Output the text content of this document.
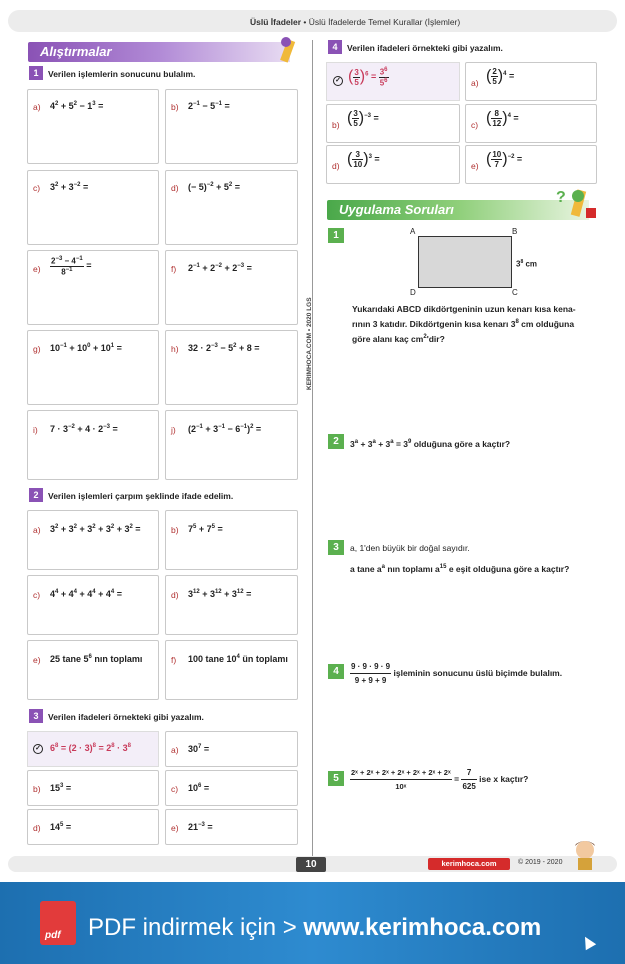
Üslü İfadeler • Üslü İfadelerde Temel Kurallar (İşlemler)
KERIMHOCA.COM • 2020 LGS
Alıştırmalar
1	Verilen işlemlerin sonucunu bulalım.
a) $4^2 + 5^2 - 1^3$ =	b) $2^{-1} - 5^{-1}$ =
c) $3^2 + 3^{-2}$ =	d) (− $5)^{-2} + 5^2$ =
$e) \frac{2^{-3} - 4^{-1}}{8^{-1}}$ =	f) $2^{-1} + 2^{-2} + 2^{-3}$ =
g) $10^{-1} + 10^0 + 10^1$ =	h) $32 \cdot 2^{-3} - 5^2 + 8$ =
i) $7 \cdot 3^{-2} + 4 \cdot 2^{-3}$ =	j) $(2^{-1} + 3^{-1} - 6^{-1})^2$ =
2	Verilen işlemleri çarpım şeklinde ifade edelim.
a) $3^2 + 3^2 + 3^2 + 3^2 + 3^2$ =	b) $7^5 + 7^5$ =
c) $4^4 + 4^4 + 4^4 + 4^4$ =	d) $3^{12} + 3^{12} + 3^{12}$ =
e) 25 tane $5^6$ nın toplamı	f) 100 tane $10^4$ ün toplamı
3	Verilen ifadeleri örnekteki gibi yazalım.
✓ $6^8 = (2 \cdot 3)^8 = 2^8 \cdot 3^8$	a) $30^7$ =
b) $15^3$ =	c) $10^6$ =
d) $14^5$ =	e) $21^{-3}$ =
4	Verilen ifadeleri örnekteki gibi yazalım.
✓ ( $\frac{3}{5} )^6 = \frac{3^6}{5^6}$	a) ( $\frac{2}{5} )^4$ =
b) ( $\frac{3}{5} )^{-3}$ =
c) ( $\frac{8}{12} )^4$ =
d) ( $\frac{3}{10} )^3$ =
e) ( $\frac{10}{7} )^{-2}$ =
Uygulama Soruları
?
1	A	B
C
D
$3^8$ cm
Yukarıdaki ABCD dikdörtgeninin uzun kenarı kısa kena-
rının 3 katıdır. Dikdörtgenin kısa kenarı $3^8$ cm olduğuna
göre alanı kaç $cm^2'dir$?
2	$3^a + 3^a + 3^a = 3^9$ olduğuna göre a kaçtır?
3	a, 1'den büyük bir doğal sayıdır.
a tane $a^a$ nın toplamı $a^{15}$ e eşit olduğuna göre a kaçtır?
4	$\frac{9 \cdot 9 \cdot 9 \cdot 9}{9 + 9 + 9}$ işleminin sonucunu üslü biçimde bulalım.
5	$\frac{\text{2ˣ + 2ˣ + 2ˣ + 2ˣ + 2ˣ + 2ˣ + 2ˣ}}{\text{10ˣ}} = \frac{7}{625}$ ise x kaçtır?
10	kerimhoca.com	© 2019 - 2020
pdf PDF indirmek için > www.kerimhoca.com
